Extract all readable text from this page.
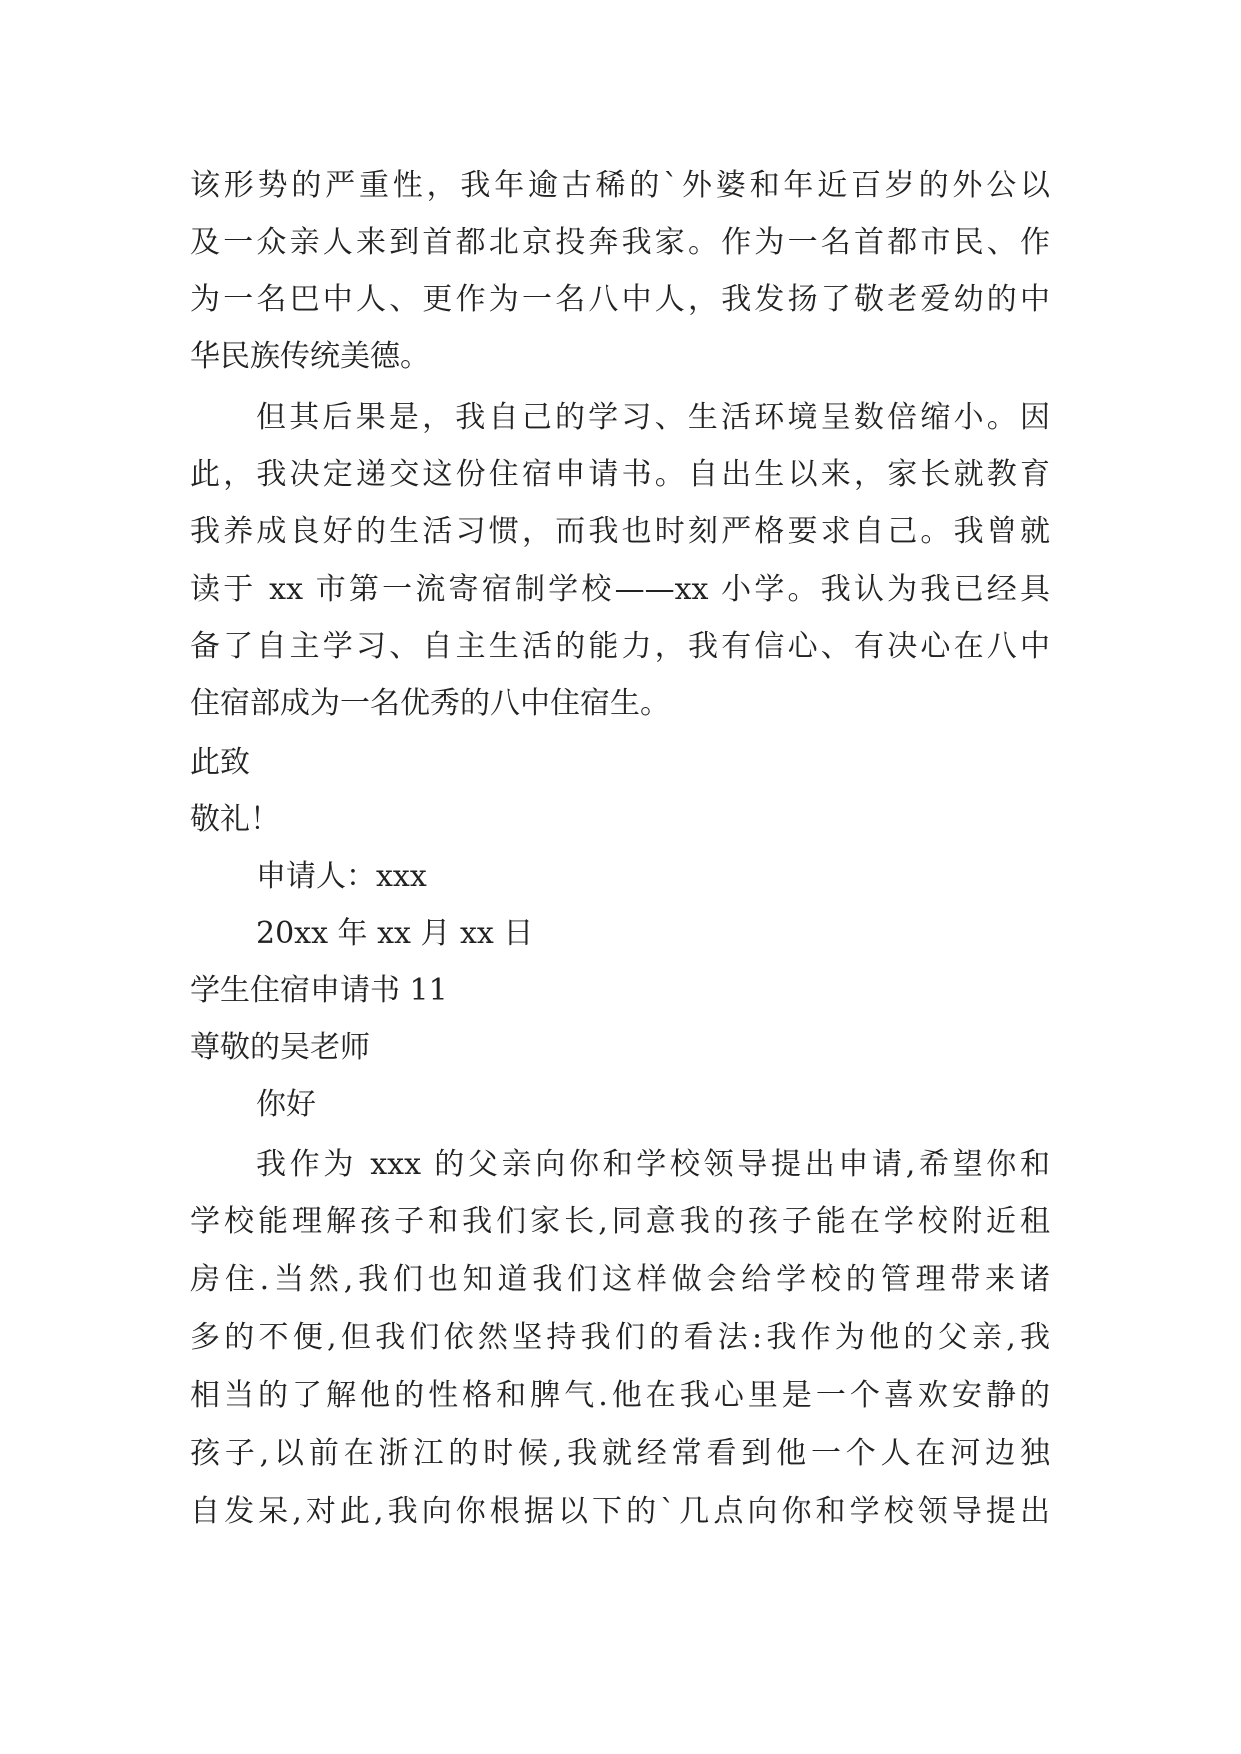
该形势的严重性，我年逾古稀的`外婆和年近百岁的外公以
及一众亲人来到首都北京投奔我家。作为一名首都市民、作
为一名巴中人、更作为一名八中人，我发扬了敬老爱幼的中
华民族传统美德。
但其后果是，我自己的学习、生活环境呈数倍缩小。因
此，我决定递交这份住宿申请书。自出生以来，家长就教育
我养成良好的生活习惯，而我也时刻严格要求自己。我曾就
读于 xx 市第一流寄宿制学校——xx 小学。我认为我已经具
备了自主学习、自主生活的能力，我有信心、有决心在八中
住宿部成为一名优秀的八中住宿生。
此致
敬礼！
申请人：xxx
20xx 年 xx 月 xx 日
学生住宿申请书 11
尊敬的吴老师
你好
我作为 xxx 的父亲向你和学校领导提出申请,希望你和
学校能理解孩子和我们家长,同意我的孩子能在学校附近租
房住.当然,我们也知道我们这样做会给学校的管理带来诸
多的不便,但我们依然坚持我们的看法:我作为他的父亲,我
相当的了解他的性格和脾气.他在我心里是一个喜欢安静的
孩子,以前在浙江的时候,我就经常看到他一个人在河边独
自发呆,对此,我向你根据以下的`几点向你和学校领导提出
